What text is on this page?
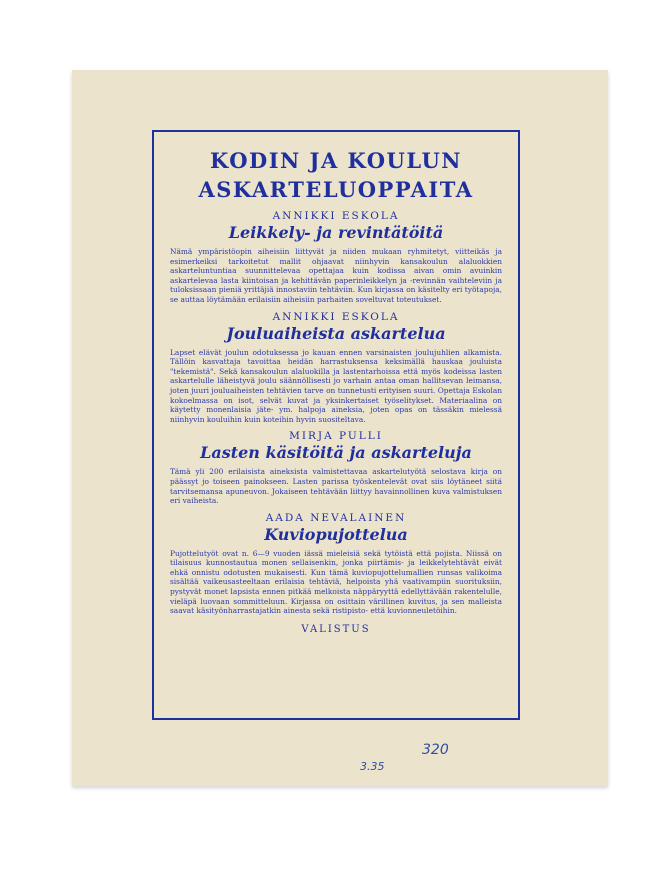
KODIN JA KOULUN
ASKARTELUOPPAITA
ANNIKKI ESKOLA
Leikkely- ja revintätöitä
Nämä ympäristöopin aiheisiin liittyvät ja niiden mukaan ryhmitetyt, viitteikäs ja esimerkeiksi tarkoitetut mallit ohjaavat niinhyvin kansakoulun alaluokkien askarteluntuntiaa suunnittelevaa opettajaa kuin kodissa aivan omin avuinkin askartelevaa lasta kiintoisan ja kehittävän paperinleikkelyn ja -revinnän vaihteleviin ja tuloksissaan pieniä yrittäjiä innostaviin tehtäviin. Kun kirjassa on käsitelty eri työtapoja, se auttaa löytämään erilaisiin aiheisiin parhaiten soveltuvat toteutukset.
ANNIKKI ESKOLA
Jouluaiheista askartelua
Lapset elävät joulun odotuksessa jo kauan ennen varsinaisten joulujuhlien alkamista. Tällöin kasvattaja tavoittaa heidän harrastuksensa keksimällä hauskaa jouluista "tekemistä". Sekä kansakoulun alaluokilla ja lastentarhoissa että myös kodeissa lasten askartelulle läheistyvä joulu säännöllisesti jo varhain antaa oman hallitsevan leimansa, joten juuri jouluaiheisten tehtävien tarve on tunnetusti erityisen suuri. Opettaja Eskolan kokoelmassa on isot, selvät kuvat ja yksinkertaiset työselitykset. Materiaalina on käytetty monenlaisia jäte- ym. halpoja aineksia, joten opas on tässäkin mielessä niinhyvin kouluihin kuin koteihin hyvin suositeltava.
MIRJA PULLI
Lasten käsitöitä ja askarteluja
Tämä yli 200 erilaisista aineksista valmistettavaa askartelutyötä selostava kirja on päässyt jo toiseen painokseen. Lasten parissa työskentelevät ovat siis löytäneet siitä tarvitsemansa apuneuvon. Jokaiseen tehtävään liittyy havainnollinen kuva valmistuksen eri vaiheista.
AADA NEVALAINEN
Kuviopujottelua
Pujottelutyöt ovat n. 6—9 vuoden iässä mieleisiä sekä tytöistä että pojista. Niissä on tilaisuus kunnostautua monen sellaisenkin, jonka piirtämis- ja leikkelytehtävät eivät ehkä onnistu odotusten mukaisesti. Kun tämä kuviopujottelumallien runsas valikoima sisältää vaikeusasteeltaan erilaisia tehtäviä, helpoista yhä vaativampiin suorituksiin, pystyvät monet lapsista ennen pitkää melkoista näppäryyttä edellyttävään rakentelulle, vieläpä luovaan sommitteluun. Kirjassa on osittain värillinen kuvitus, ja sen malleista saavat käsityönharrastajatkin ainesta sekä ristipisto- että kuvionneuletöihin.
VALISTUS
3.35
320
